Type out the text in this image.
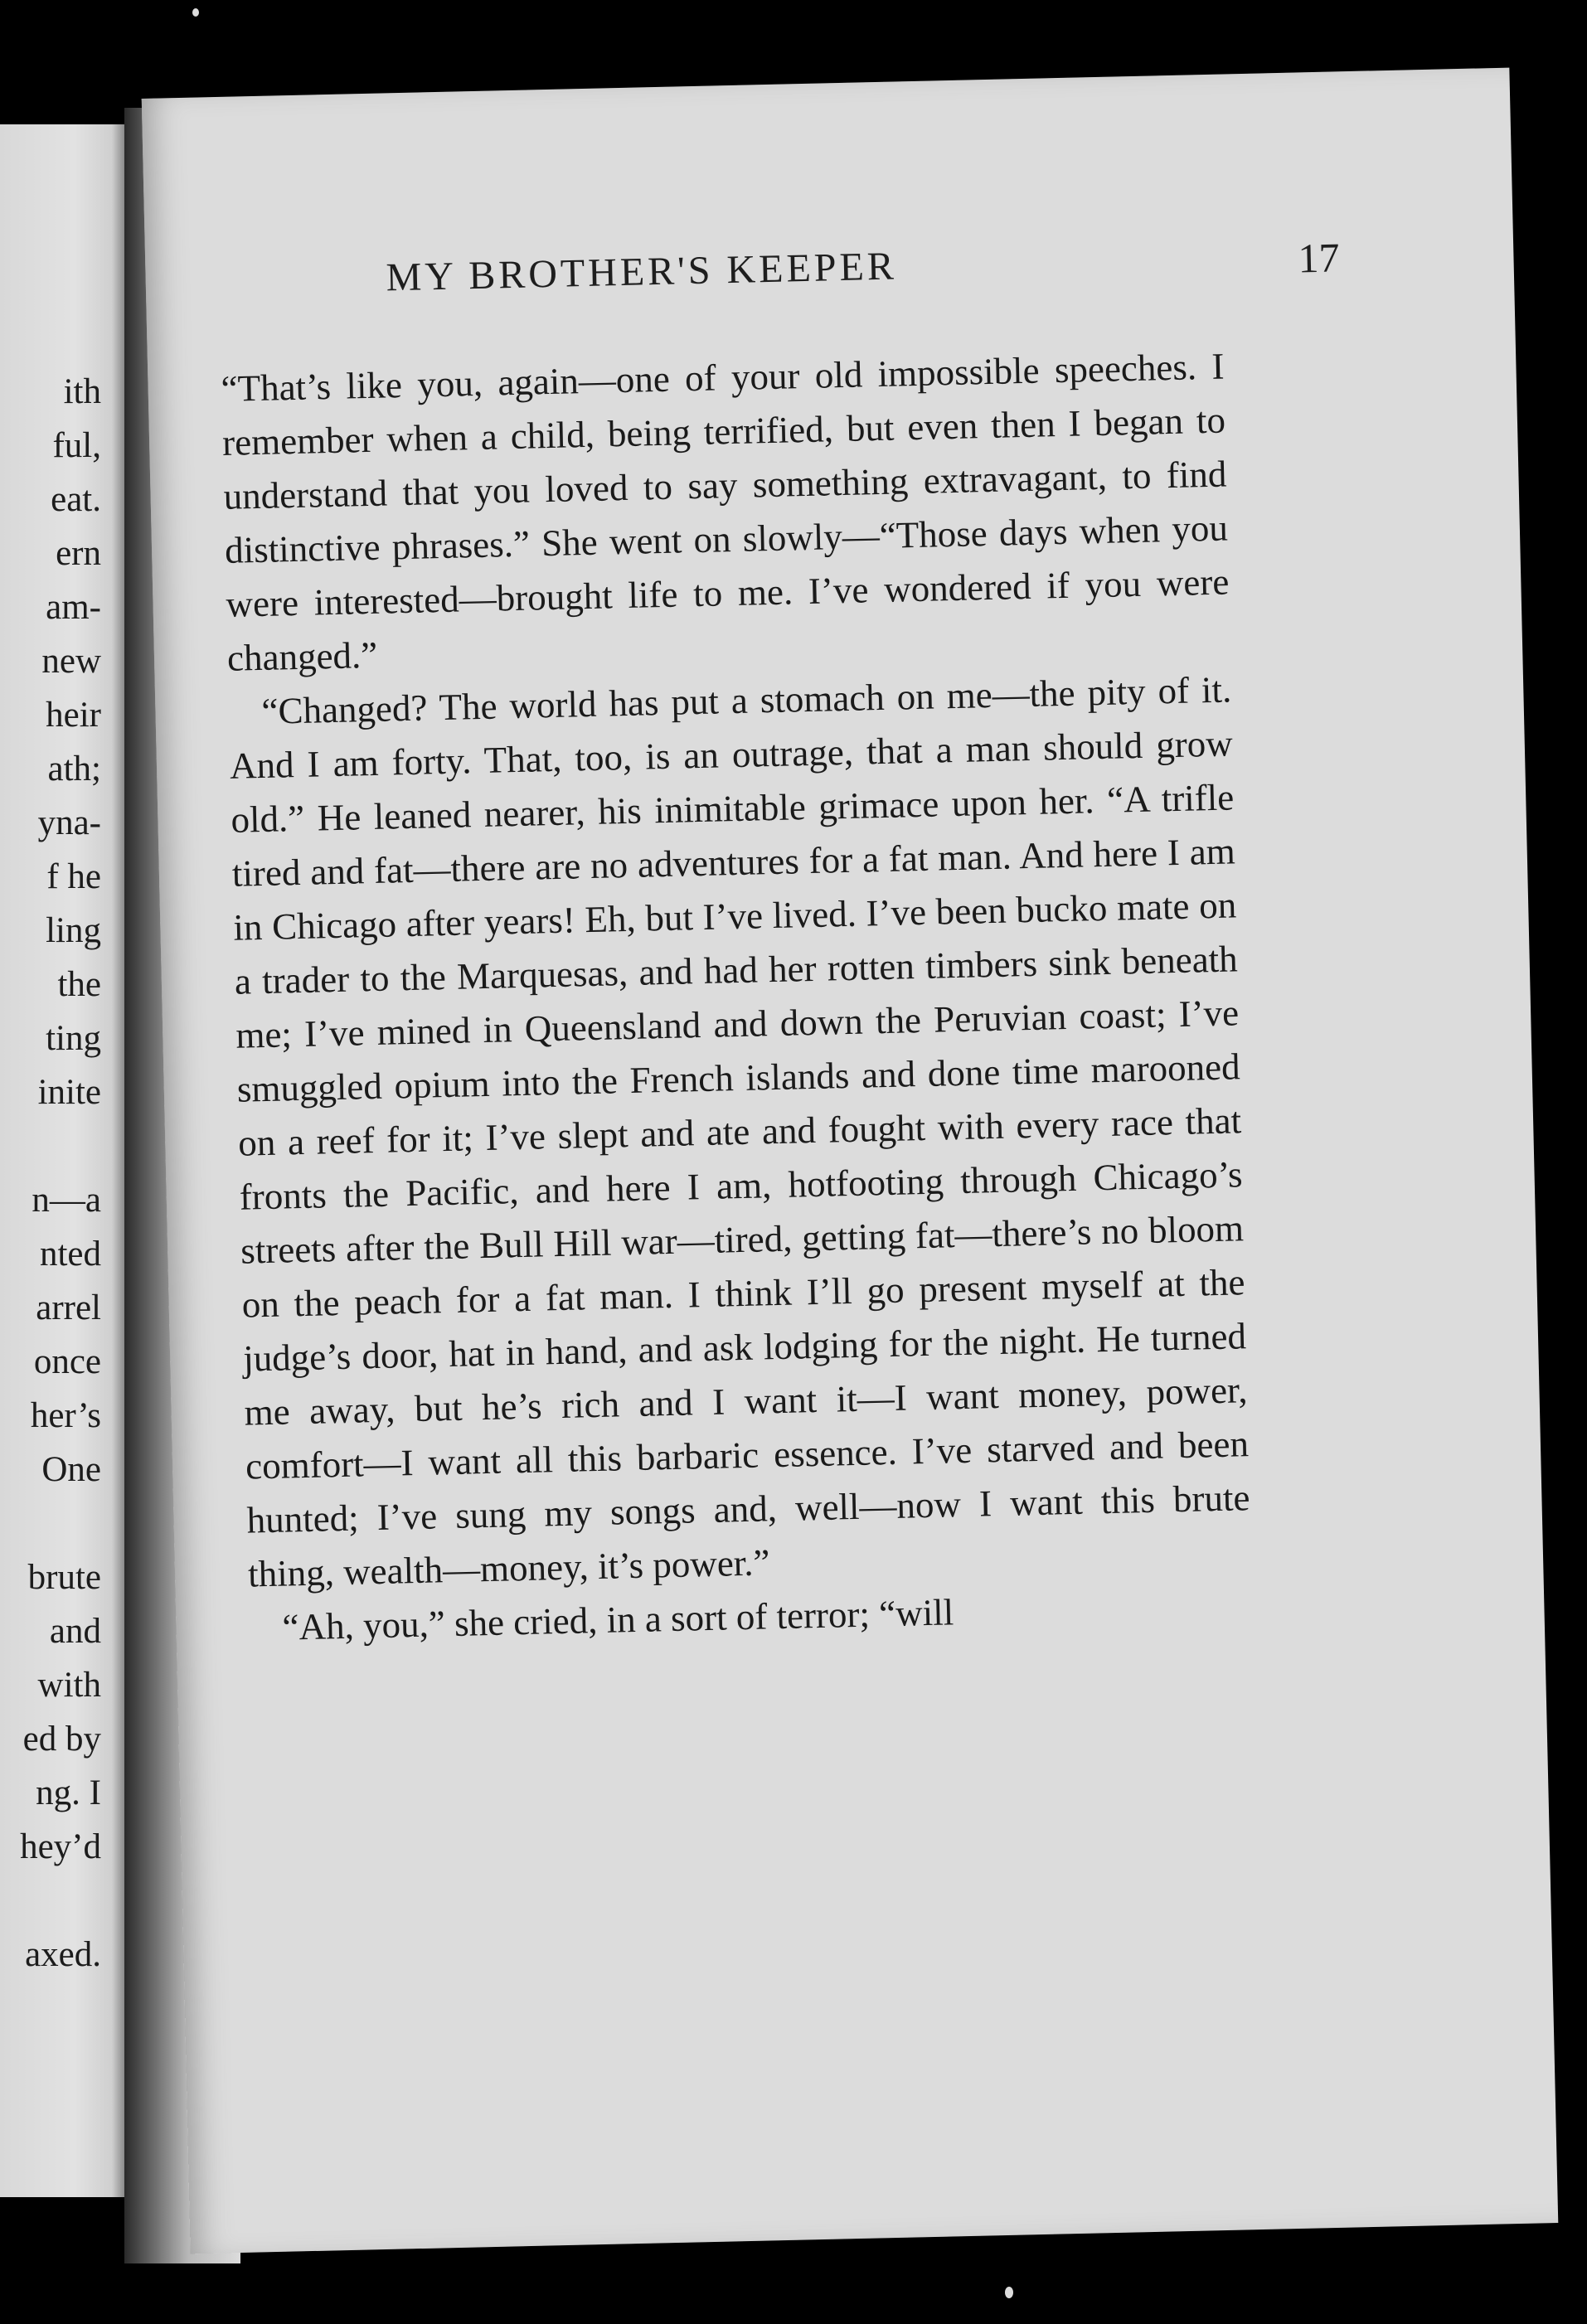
ith
ful,
eat.
ern
am-
new
heir
ath;
yna-
f he
ling
the
ting
inite
n—a
nted
arrel
once
her’s
One
brute
and
with
ed by
ng. I
hey’d
axed.
MY BROTHER'S KEEPER	17

“That’s like you, again—one of your old impossible speeches. I remember when a child, being terrified, but even then I began to understand that you loved to say something extravagant, to find distinctive phrases.” She went on slowly—“Those days when you were interested—brought life to me. I’ve wondered if you were changed.”

“Changed? The world has put a stomach on me—the pity of it. And I am forty. That, too, is an outrage, that a man should grow old.” He leaned nearer, his inimitable grimace upon her. “A trifle tired and fat—there are no adventures for a fat man. And here I am in Chicago after years! Eh, but I’ve lived. I’ve been bucko mate on a trader to the Marquesas, and had her rotten timbers sink beneath me; I’ve mined in Queensland and down the Peruvian coast; I’ve smuggled opium into the French islands and done time marooned on a reef for it; I’ve slept and ate and fought with every race that fronts the Pacific, and here I am, hotfooting through Chicago’s streets after the Bull Hill war—tired, getting fat—there’s no bloom on the peach for a fat man. I think I’ll go present myself at the judge’s door, hat in hand, and ask lodging for the night. He turned me away, but he’s rich and I want it—I want money, power, comfort—I want all this barbaric essence. I’ve starved and been hunted; I’ve sung my songs and, well—now I want this brute thing, wealth—money, it’s power.”

“Ah, you,” she cried, in a sort of terror; “will
